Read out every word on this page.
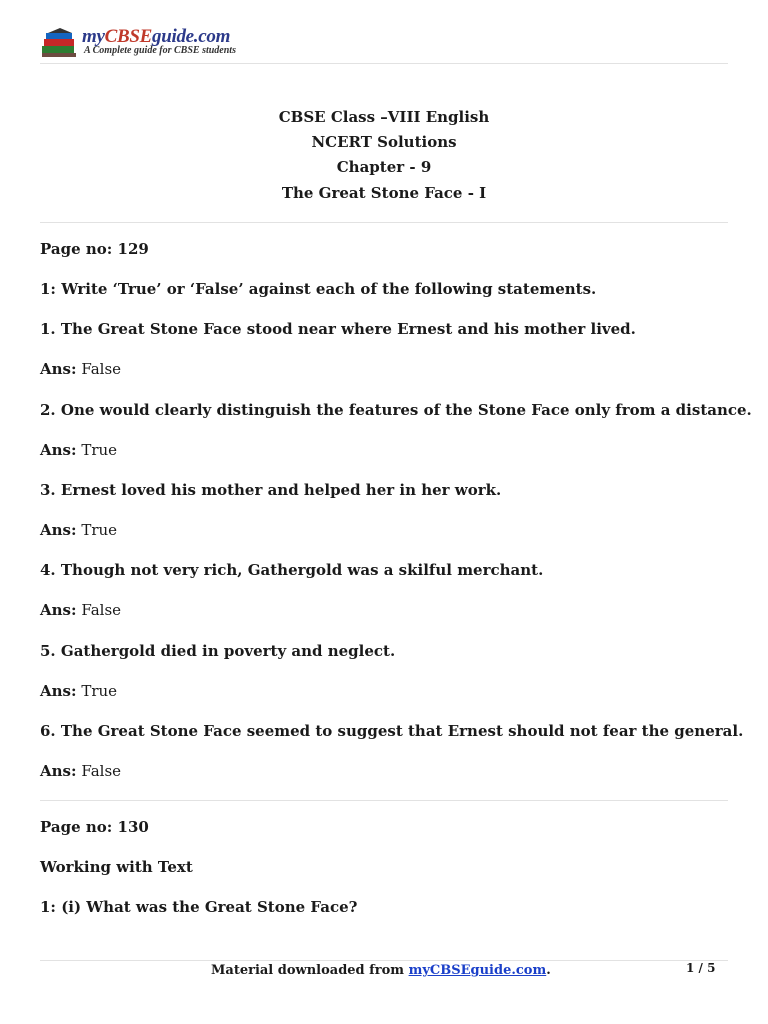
myCBSEguide.com
A Complete guide for CBSE students
CBSE Class –VIII English
NCERT Solutions
Chapter - 9
The Great Stone Face - I
Page no: 129
1: Write ‘True’ or ‘False’ against each of the following statements.
1. The Great Stone Face stood near where Ernest and his mother lived.
Ans: False
2. One would clearly distinguish the features of the Stone Face only from a distance.
Ans: True
3. Ernest loved his mother and helped her in her work.
Ans: True
4. Though not very rich, Gathergold was a skilful merchant.
Ans: False
5. Gathergold died in poverty and neglect.
Ans: True
6. The Great Stone Face seemed to suggest that Ernest should not fear the general.
Ans: False
Page no: 130
Working with Text
1: (i) What was the Great Stone Face?
Material downloaded from myCBSEguide.com.	1 / 5
